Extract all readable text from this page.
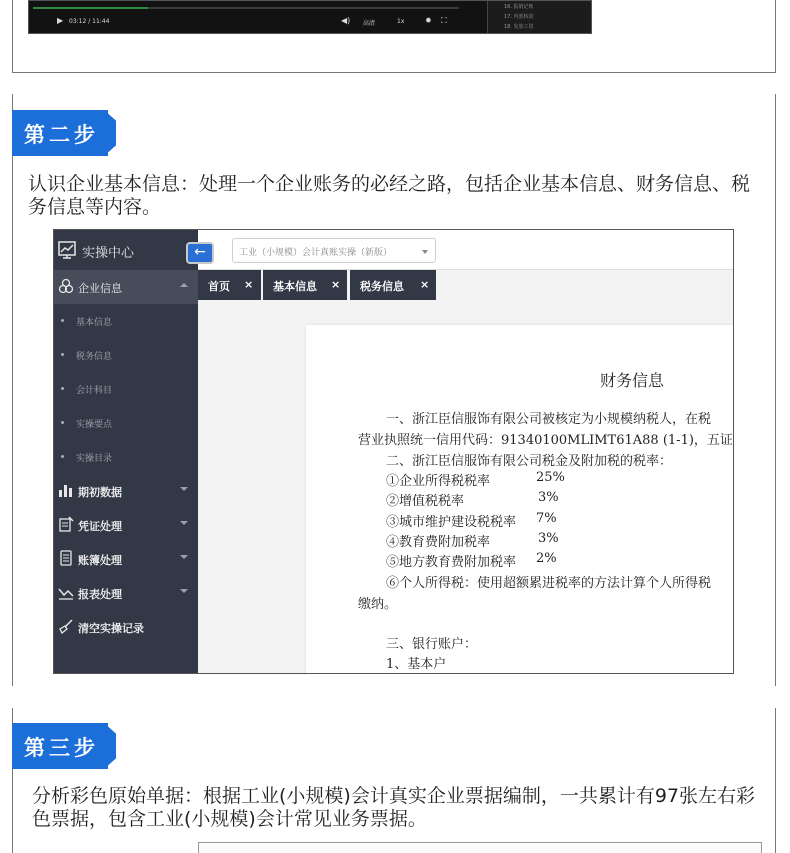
▶ 03:12 / 11:44	◀) 高清	1x	✹ ⛶
16. 报销记账
17. 内部转款
18. 发放工资
第二步
认识企业基本信息：处理一个企业账务的必经之路，包括企业基本信息、财务信息、税务信息等内容。
实操中心
企业信息
基本信息
税务信息
会计科目
实操要点
实操目录
期初数据
凭证处理
账簿处理
报表处理
清空实操记录
←	工业（小规模）会计真账实操（新版）
首页 ×	基本信息 ×	税务信息 ×
财务信息
一、浙江臣信服饰有限公司被核定为小规模纳税人，在税
营业执照统一信用代码：91340100MLIMT61A88 (1-1)，五证
二、浙江臣信服饰有限公司税金及附加税的税率：
①企业所得税税率	25%
②增值税税率	3%
③城市维护建设税税率 7%
④教育费附加税率	3%
⑤地方教育费附加税率 2%
⑥个人所得税：使用超额累进税率的方法计算个人所得税
缴纳。
三、银行账户：
1、基本户
第三步
分析彩色原始单据：根据工业(小规模)会计真实企业票据编制，一共累计有97张左右彩色票据，包含工业(小规模)会计常见业务票据。
